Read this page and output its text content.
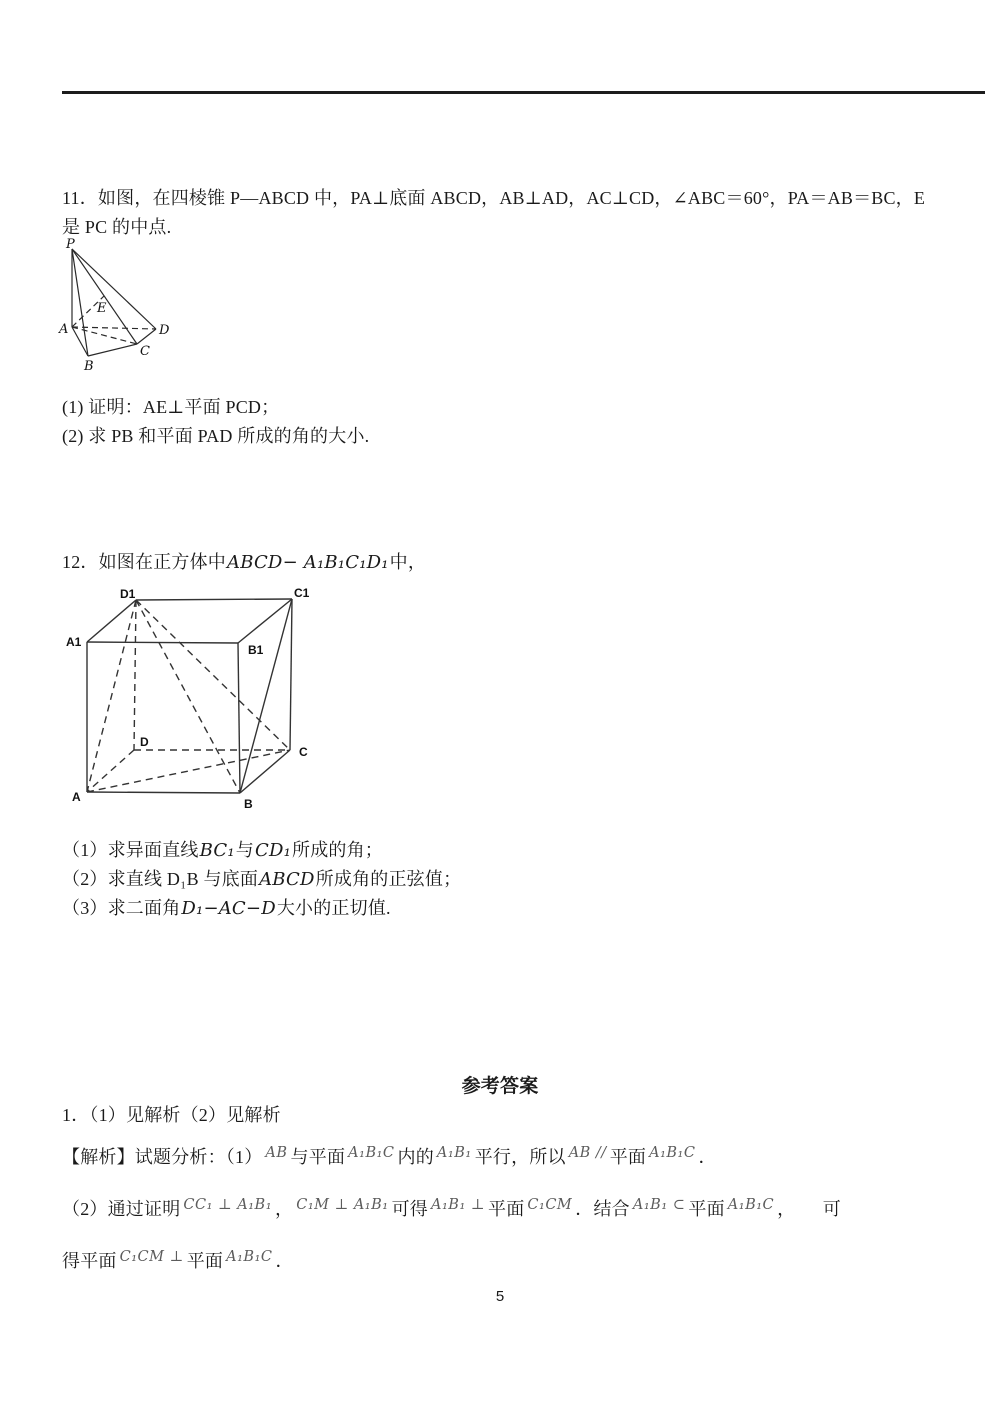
11．如图，在四棱锥 P—ABCD 中，PA⊥底面 ABCD，AB⊥AD，AC⊥CD，∠ABC＝60°，PA＝AB＝BC，E 是 PC 的中点.
P
A
B
C
D
E
(1) 证明：AE⊥平面 PCD；
(2) 求 PB 和平面 PAD 所成的角的大小.
12．如图在正方体中ABCD− A₁B₁C₁D₁中，
D1	C1
A1
B1
D
C
A	B
（1）求异面直线BC₁与CD₁所成的角；
（2）求直线 D₁B 与底面ABCD所成角的正弦值；
（3）求二面角D₁−AC−D大小的正切值.
参考答案
1．（1）见解析（2）见解析
【解析】试题分析：（1） $^{AB}$ 与平面 $^{A_1B_1C}$ 内的 $^{A_1B_1}$ 平行，所以 $^{AB //}$ 平面 $^{A_1B_1C}$ ．
（2）通过证明 $^{CC_1 \perp A_1B_1}$ ， $^{C_1M \perp A_1B_1}$ 可得 $^{A_1B_1 \perp}$ 平面 $^{C_1CM}$ ．结合 $^{A_1B_1 \subset}$ 平面 $^{A_1B_1C}$ ，　　可
得平面 $^{C_1CM \perp}$ 平面 $^{A_1B_1C}$ ．
5
